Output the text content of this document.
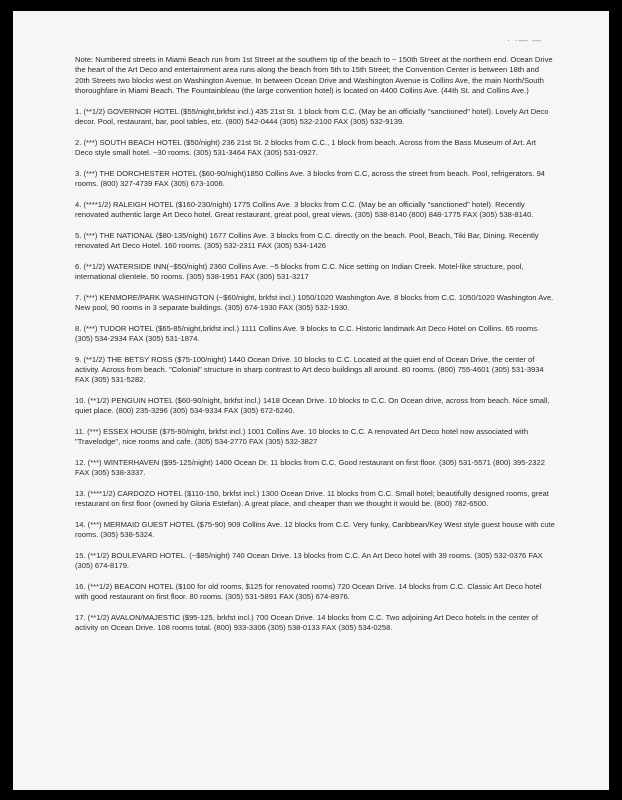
· ·— —

Note: Numbered streets in Miami Beach run from 1st Street at the southern tip of the beach to ~ 150th Street at the northern end. Ocean Drive the heart of the Art Deco and entertainment area runs along the beach from 5th to 15th Street; the Convention Center is between 18th and 20th Streets two blocks west on Washington Avenue. In between Ocean Drive and Washington Avenue is Collins Ave, the main North/South thoroughfare in Miami Beach. The Fountainbleau (the large convention hotel) is located on 4400 Collins Ave. (44th St. and Collins Ave.)

1. (**1/2) GOVERNOR HOTEL ($55/night,brkfst incl.) 435 21st St. 1 block from C.C. (May be an officially "sanctioned" hotel). Lovely Art Deco decor. Pool, restaurant, bar, pool tables, etc. (800) 542-0444 (305) 532-2100 FAX (305) 532-9139.

2. (***) SOUTH BEACH HOTEL ($50/night) 236 21st St. 2 blocks from C.C., 1 block from beach. Across from the Bass Museum of Art. Art Deco style small hotel. ~30 rooms. (305) 531-3464 FAX (305) 531-0927.

3. (***) THE DORCHESTER HOTEL ($60-90/night)1850 Collins Ave. 3 blocks from C.C, across the street from beach. Pool, refrigerators. 94 rooms. (800) 327-4739 FAX (305) 673-1006.

4. (****1/2) RALEIGH HOTEL ($160-230/night) 1775 Collins Ave. 3 blocks from C.C. (May be an officially "sanctioned" hotel). Recently renovated authentic large Art Deco hotel. Great restaurant, great pool, great views. (305) 538-8140 (800) 848-1775 FAX (305) 538-8140.

5. (***) THE NATIONAL ($80-135/night) 1677 Collins Ave. 3 blocks from C.C. directly on the beach. Pool, Beach, Tiki Bar, Dining. Recently renovated Art Deco Hotel. 160 rooms. (305) 532-2311 FAX (305) 534-1426

6. (**1/2) WATERSIDE INN(~$50/night) 2360 Collins Ave. ~5 blocks from C.C. Nice setting on Indian Creek. Motel-like structure, pool, international clientele. 50 rooms. (305) 538-1951 FAX (305) 531-3217

7. (***) KENMORE/PARK WASHINGTON (~$60/night, brkfst incl.) 1050/1020 Washington Ave. 8 blocks from C.C. 1050/1020 Washington Ave. New pool, 90 rooms in 3 separate buildings. (305) 674-1930 FAX (305) 532-1930.

8. (***) TUDOR HOTEL ($65-85/night,brkfst incl.) 1111 Collins Ave. 9 blocks to C.C. Historic landmark Art Deco Hotel on Collins. 65 rooms. (305) 534-2934 FAX (305) 531-1874.

9. (**1/2) THE BETSY ROSS ($75-100/night) 1440 Ocean Drive. 10 blocks to C.C. Located at the quiet end of Ocean Drive, the center of activity. Across from beach. "Colonial" structure in sharp contrast to Art deco buildings all around. 80 rooms. (800) 755-4601 (305) 531-3934 FAX (305) 531-5282.

10. (**1/2) PENGUIN HOTEL ($60-90/night, brkfst incl.) 1418 Ocean Drive. 10 blocks to C.C. On Ocean drive, across from beach. Nice small, quiet place. (800) 235-3296 (305) 534-9334 FAX (305) 672-6240.

11. (***) ESSEX HOUSE ($75-90/night, brkfst incl.) 1001 Collins Ave. 10 blocks to C.C. A renovated Art Deco hotel now associated with "Travelodge", nice rooms and cafe. (305) 534-2770 FAX (305) 532-3827

12. (***) WINTERHAVEN ($95-125/night) 1400 Ocean Dr. 11 blocks from C.C. Good restaurant on first floor. (305) 531-5571 (800) 395-2322 FAX (305) 538-3337.

13. (****1/2) CARDOZO HOTEL ($110-150, brkfst incl.) 1300 Ocean Drive. 11 blocks from C.C. Small hotel; beautifully designed rooms, great restaurant on first floor (owned by Gloria Estefan). A great place, and cheaper than we thought it would be. (800) 782-6500.

14. (***) MERMAID GUEST HOTEL ($75-90) 909 Collins Ave. 12 blocks from C.C. Very funky, Caribbean/Key West style guest house with cute rooms. (305) 538-5324.

15. (**1/2) BOULEVARD HOTEL. (~$85/night) 740 Ocean Drive. 13 blocks from C.C. An Art Deco hotel with 39 rooms. (305) 532-0376 FAX (305) 674-8179.

16. (***1/2) BEACON HOTEL ($100 for old rooms, $125 for renovated rooms) 720 Ocean Drive. 14 blocks from C.C. Classic Art Deco hotel with good restaurant on first floor. 80 rooms. (305) 531-5891 FAX (305) 674-8976.

17. (**1/2) AVALON/MAJESTIC ($95-125, brkfst incl.) 700 Ocean Drive. 14 blocks from C.C. Two adjoining Art Deco hotels in the center of activity on Ocean Drive. 108 rooms total. (800) 933-3306 (305) 538-0133 FAX (305) 534-0258.
